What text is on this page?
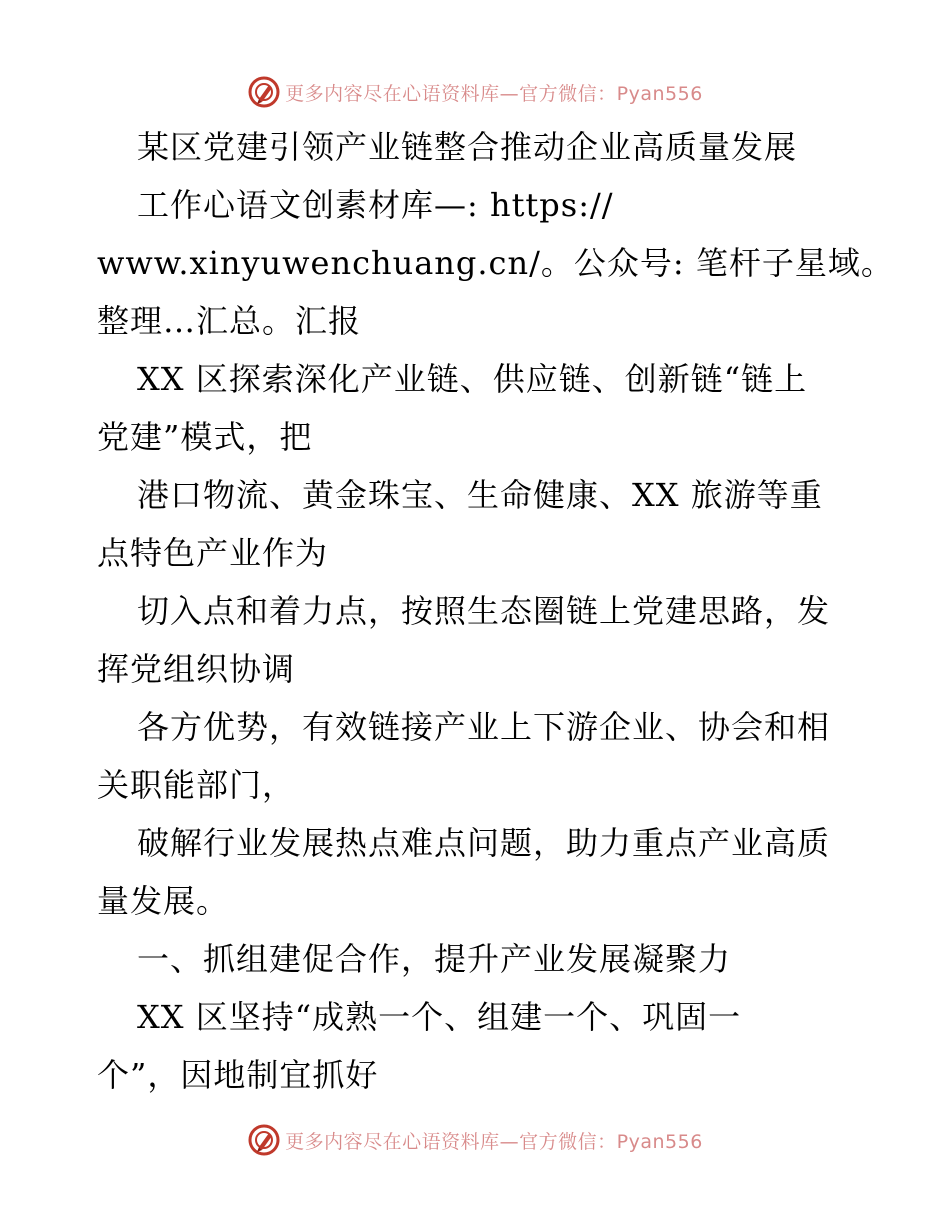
更多内容尽在心语资料库—官方微信：Pyan556
某区党建引领产业链整合推动企业高质量发展
工作心语文创素材库—: https://
www.xinyuwenchuang.cn/。公众号: 笔杆子星域。
整理…汇总。汇报
XX 区探索深化产业链、供应链、创新链“链上
党建”模式，把
港口物流、黄金珠宝、生命健康、XX 旅游等重
点特色产业作为
切入点和着力点，按照生态圈链上党建思路，发
挥党组织协调
各方优势，有效链接产业上下游企业、协会和相
关职能部门，
破解行业发展热点难点问题，助力重点产业高质
量发展。
一、抓组建促合作，提升产业发展凝聚力
XX 区坚持“成熟一个、组建一个、巩固一
个”，因地制宜抓好
更多内容尽在心语资料库—官方微信：Pyan556
